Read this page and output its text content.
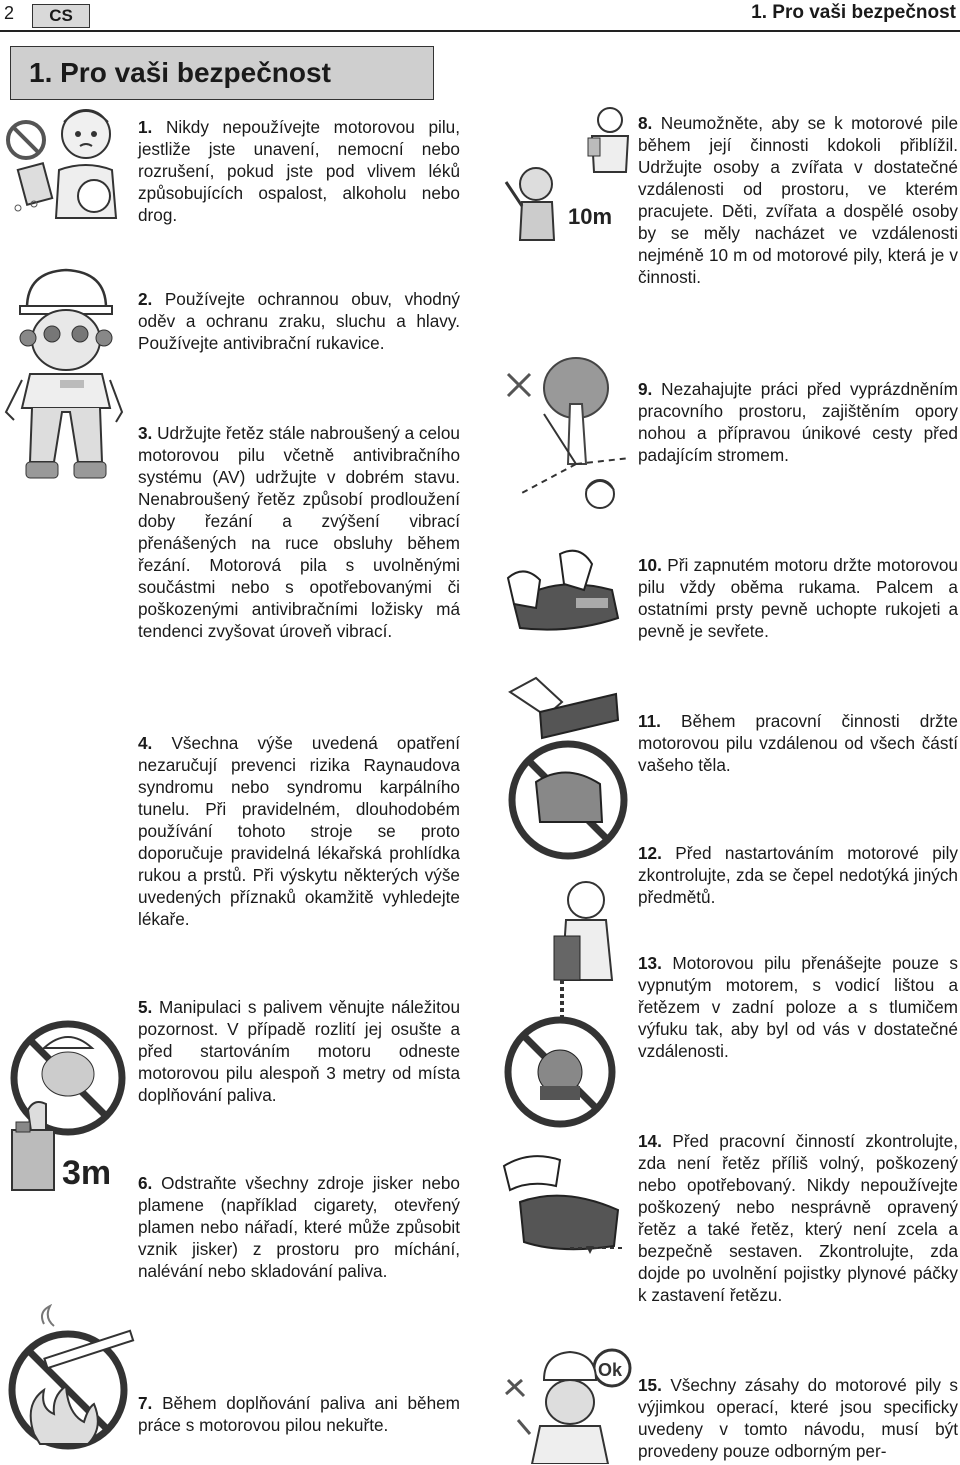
2	CS	1. Pro vaši bezpečnost
1. Pro vaši bezpečnost

1. Nikdy nepoužívejte motorovou pilu, jestliže jste unavení, nemocní nebo rozrušení, pokud jste pod vlivem léků způsobujících ospalost, alkoholu nebo drog.

2. Používejte ochrannou obuv, vhodný oděv a ochranu zraku, sluchu a hlavy. Používejte antivibrační rukavice.

3. Udržujte řetěz stále nabroušený a celou motorovou pilu včetně antivibračního systému (AV) udržujte v dobrém stavu. Nenabroušený řetěz způsobí prodloužení doby řezání a zvýšení vibrací přenášených na ruce obsluhy během řezání. Motorová pila s uvolněnými součástmi nebo s opotřebovanými či poškozenými antivibračními ložisky má tendenci zvyšovat úroveň vibrací.

4. Všechna výše uvedená opatření nezaručují prevenci rizika Raynaudova syndromu nebo syndromu karpálního tunelu. Při pravidelném, dlouhodobém používání tohoto stroje se proto doporučuje pravidelná lékařská prohlídka rukou a prstů. Při výskytu některých výše uvedených příznaků okamžitě vyhledejte lékaře.

5. Manipulaci s palivem věnujte náležitou pozornost. V případě rozlití jej osušte a před startováním motoru odneste motorovou pilu alespoň 3 metry od místa doplňování paliva.

6. Odstraňte všechny zdroje jisker nebo plamene (například cigarety, otevřený plamen nebo nářadí, které může způsobit vznik jisker) z prostoru pro míchání, nalévání nebo skladování paliva.

7. Během doplňování paliva ani během práce s motorovou pilou nekuřte.

8. Neumožněte, aby se k motorové pile během její činnosti kdokoli přiblížil. Udržujte osoby a zvířata v dostatečné vzdálenosti od prostoru, ve kterém pracujete. Děti, zvířata a dospělé osoby by se měly nacházet ve vzdálenosti nejméně 10 m od motorové pily, která je v činnosti.

9. Nezahajujte práci před vyprázdněním pracovního prostoru, zajištěním opory nohou a přípravou únikové cesty před padajícím stromem.

10. Při zapnutém motoru držte motorovou pilu vždy oběma rukama. Palcem a ostatními prsty pevně uchopte rukojeti a pevně je sevřete.

11. Během pracovní činnosti držte motorovou pilu vzdálenou od všech částí vašeho těla.

12. Před nastartováním motorové pily zkontrolujte, zda se čepel nedotýká jiných předmětů.

13. Motorovou pilu přenášejte pouze s vypnutým motorem, s vodicí lištou a řetězem v zadní poloze a s tlumičem výfuku tak, aby byl od vás v dostatečné vzdálenosti.

14. Před pracovní činností zkontrolujte, zda není řetěz příliš volný, poškozený nebo opotřebovaný. Nikdy nepoužívejte poškozený nebo nesprávně opravený řetěz a také řetěz, který není zcela a bezpečně sestaven. Zkontrolujte, zda dojde po uvolnění pojistky plynové páčky k zastavení řetězu.

15. Všechny zásahy do motorové pily s výjimkou operací, které jsou specificky uvedeny v tomto návodu, musí být provedeny pouze odborným per-

10m
3m
Ok
